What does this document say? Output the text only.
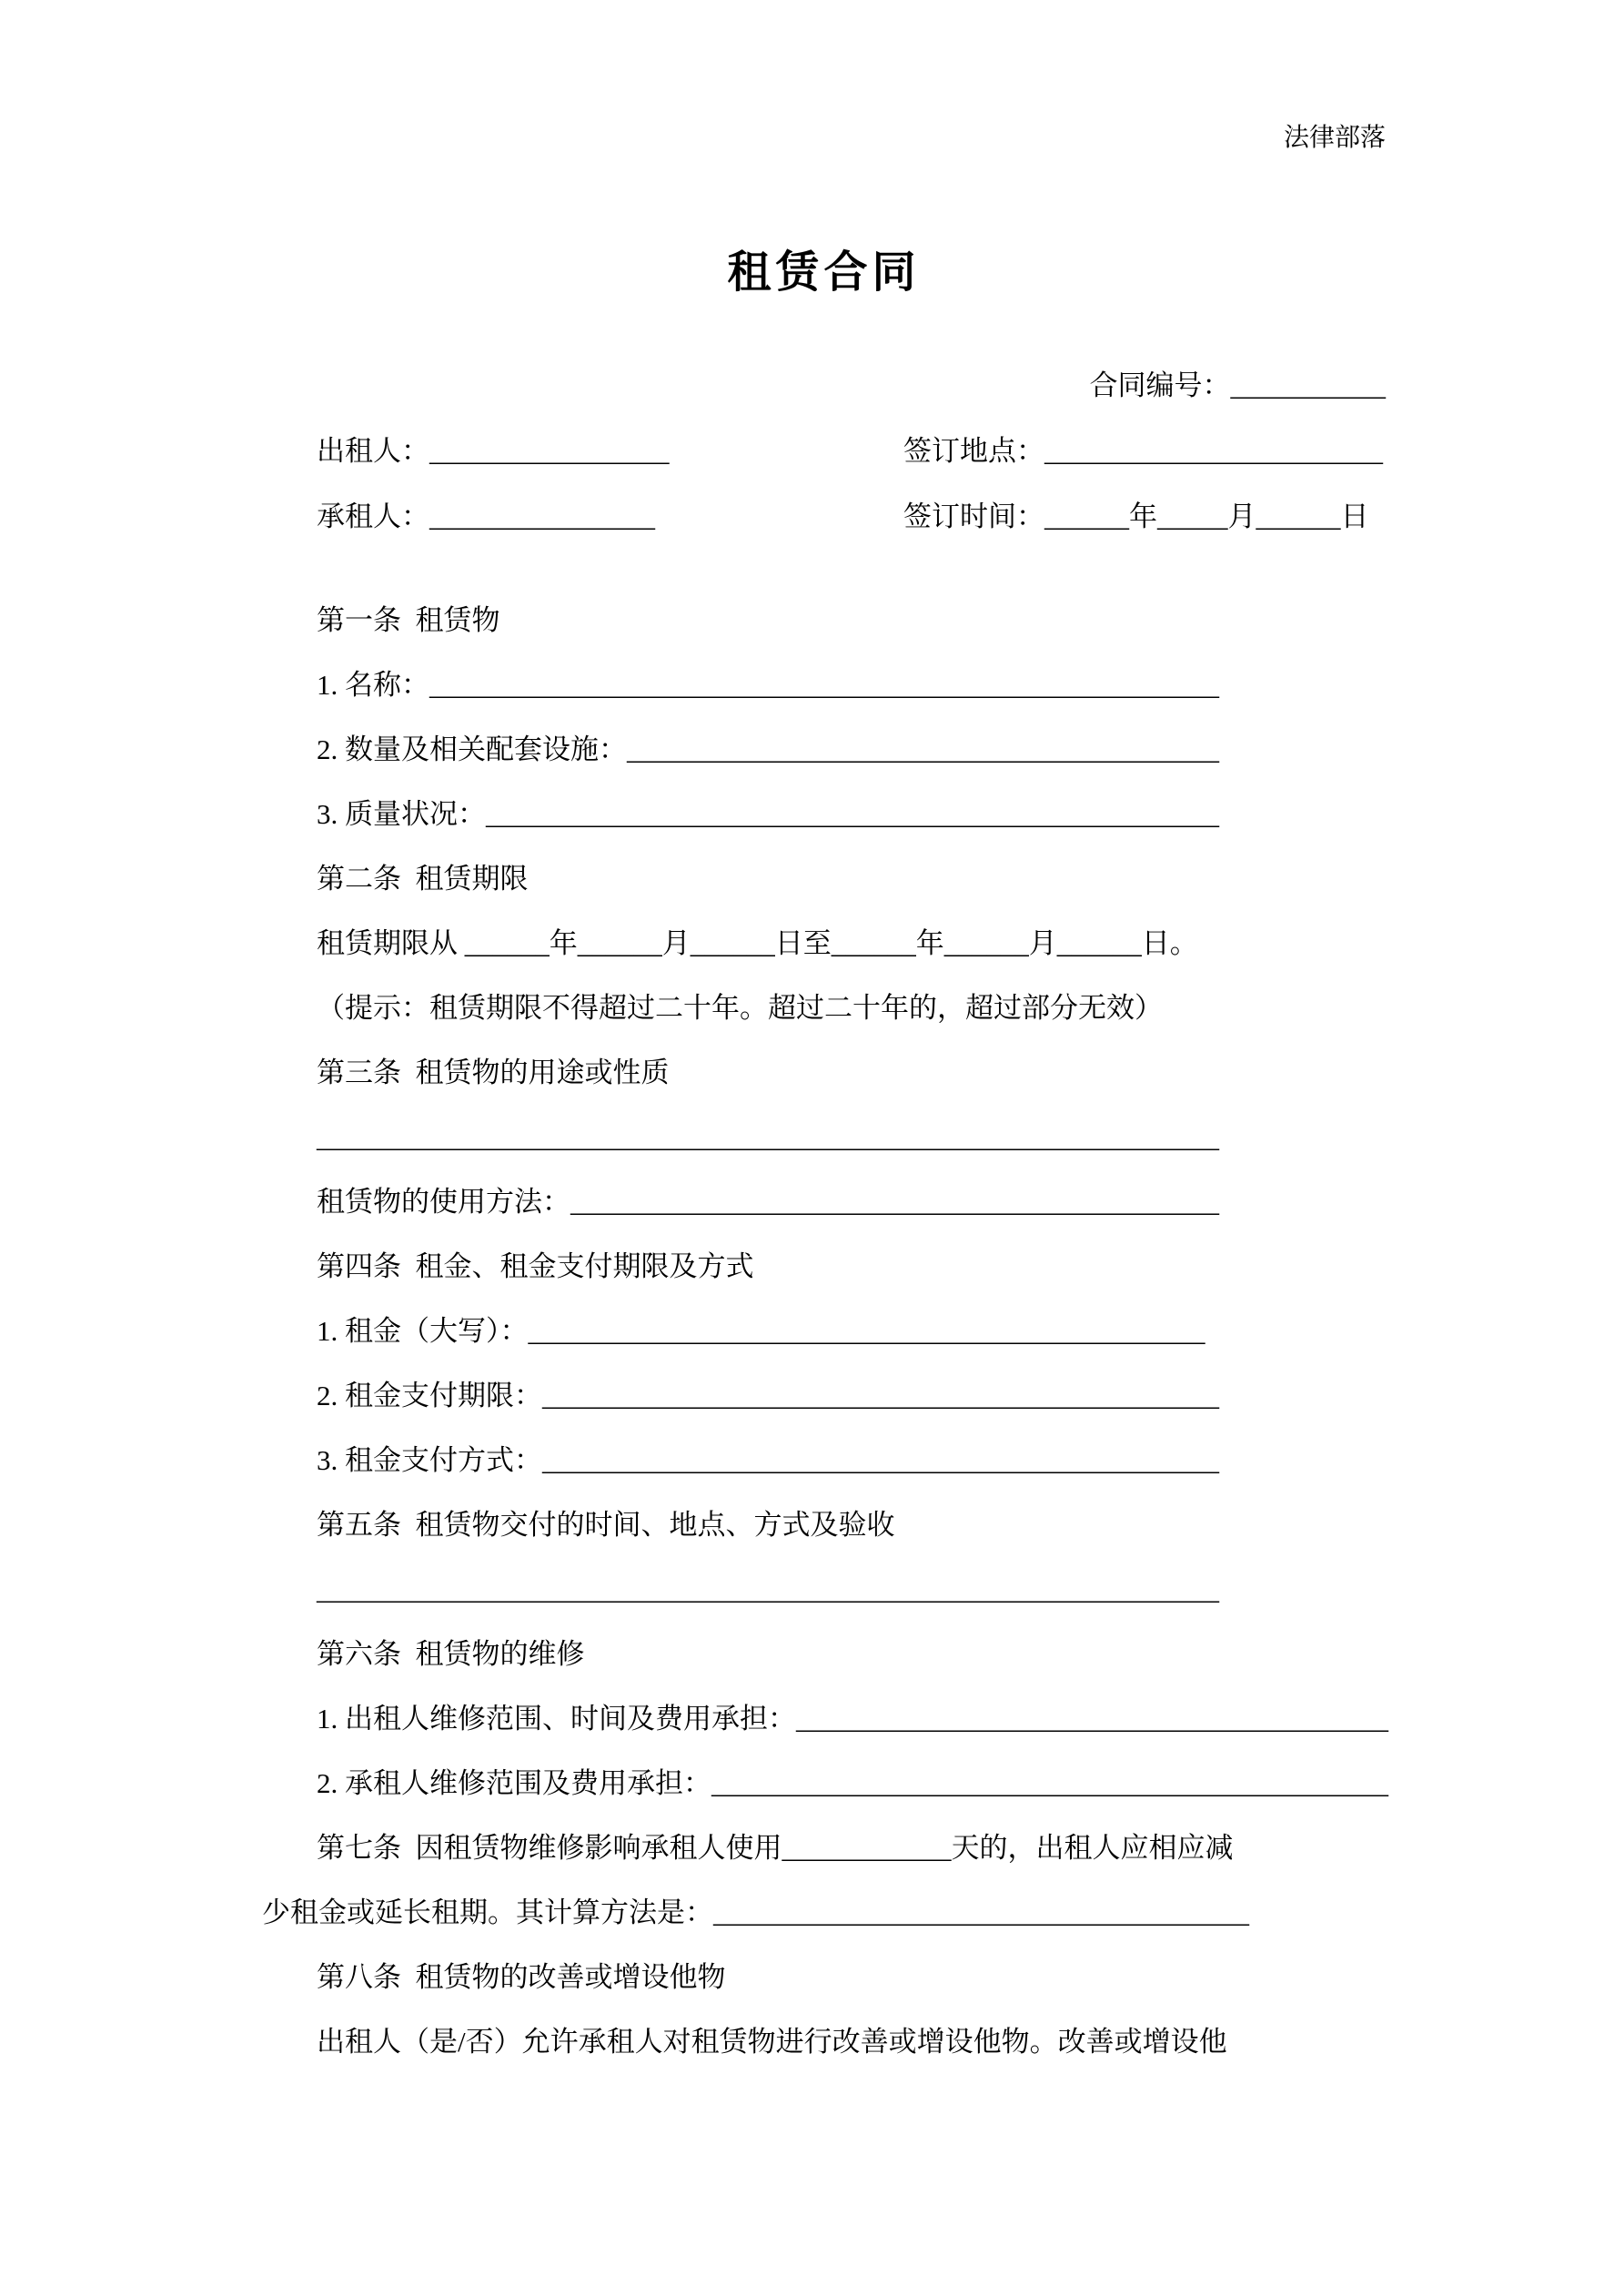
法律部落
租赁合同
合同编号：___________
出租人：_________________	签订地点：________________________
承租人：________________	签订时间：______年_____月______日

第一条  租赁物

1. 名称：________________________________________________________

2. 数量及相关配套设施：__________________________________________

3. 质量状况：____________________________________________________

第二条  租赁期限

租赁期限从 ______年______月______日至______年______月______日。

（提示：租赁期限不得超过二十年。超过二十年的，超过部分无效）

第三条  租赁物的用途或性质

________________________________________________________________

租赁物的使用方法：______________________________________________

第四条  租金、租金支付期限及方式

1. 租金（大写）：________________________________________________

2. 租金支付期限：________________________________________________

3. 租金支付方式：________________________________________________

第五条  租赁物交付的时间、地点、方式及验收

________________________________________________________________

第六条  租赁物的维修

1. 出租人维修范围、时间及费用承担：__________________________________________

2. 承租人维修范围及费用承担：________________________________________________

第七条  因租赁物维修影响承租人使用____________天的，出租人应相应减

少租金或延长租期。其计算方法是：______________________________________

第八条  租赁物的改善或增设他物

出租人（是/否）允许承租人对租赁物进行改善或增设他物。改善或增设他
